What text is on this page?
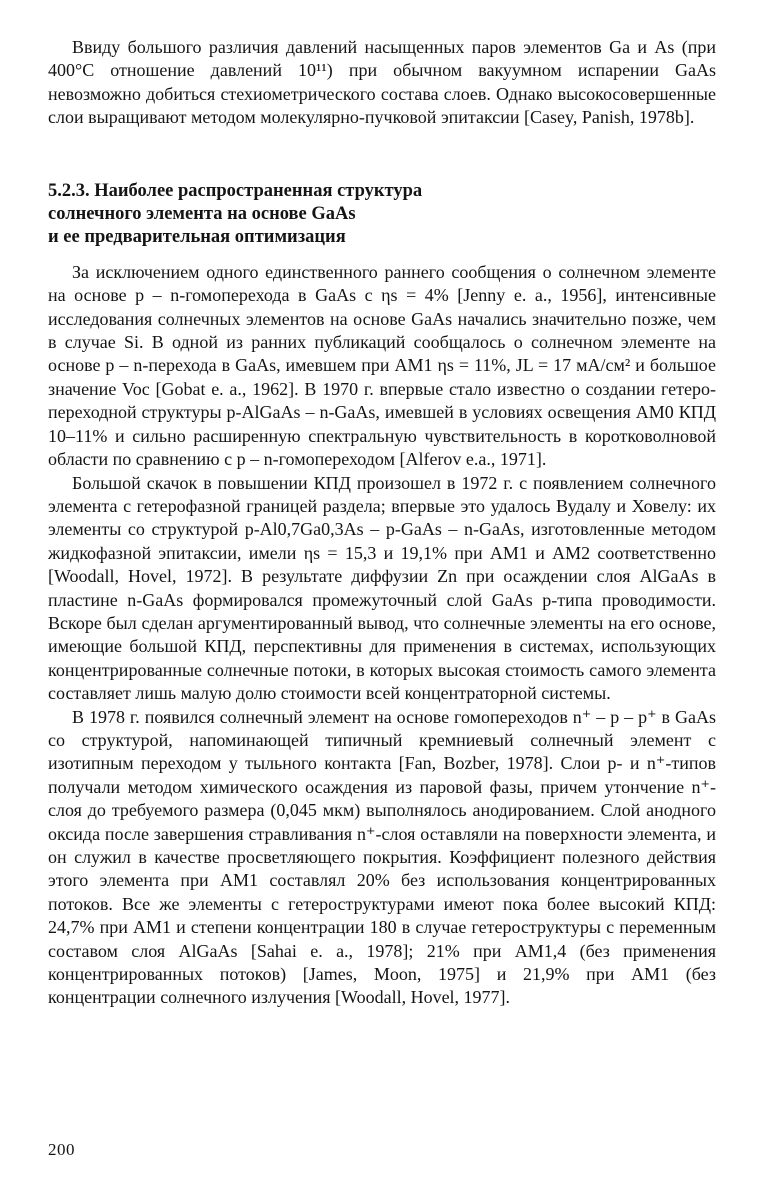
Ввиду большого различия давлений насыщенных паров элементов Ga и As (при 400°C отношение давлений 10¹¹) при обычном вакуумном испарении GaAs невозможно добиться стехиометрического состава слоев. Однако высокосовершенные слои выращивают методом молекулярно-пучковой эпитаксии [Casey, Panish, 1978b].

5.2.3. Наиболее распространенная структура
солнечного элемента на основе GaAs
и ее предварительная оптимизация

За исключением одного единственного раннего сообщения о солнечном элементе на основе p – n-гомоперехода в GaAs с ηs = 4% [Jenny e. a., 1956], интенсивные исследования солнечных элементов на основе GaAs начались значительно позже, чем в случае Si. В одной из ранних публикаций сообщалось о солнечном элементе на основе p – n-перехода в GaAs, имевшем при AM1 ηs = 11%, JL = 17 мА/см² и большое значение Voc [Gobat e. a., 1962]. В 1970 г. впервые стало известно о создании гетеропереходной структуры p-AlGaAs – n-GaAs, имевшей в условиях освещения AM0 КПД 10–11% и сильно расширенную спектральную чувствительность в коротковолновой области по сравнению с p – n-гомопереходом [Alferov e.a., 1971].

Большой скачок в повышении КПД произошел в 1972 г. с появлением солнечного элемента с гетерофазной границей раздела; впервые это удалось Вудалу и Ховелу: их элементы со структурой p-Al0,7Ga0,3As – p-GaAs – n-GaAs, изготовленные методом жидкофазной эпитаксии, имели ηs = 15,3 и 19,1% при AM1 и AM2 соответственно [Woodall, Hovel, 1972]. В результате диффузии Zn при осаждении слоя AlGaAs в пластине n-GaAs формировался промежуточный слой GaAs p-типа проводимости. Вскоре был сделан аргументированный вывод, что солнечные элементы на его основе, имеющие большой КПД, перспективны для применения в системах, использующих концентрированные солнечные потоки, в которых высокая стоимость самого элемента составляет лишь малую долю стоимости всей концентраторной системы.

В 1978 г. появился солнечный элемент на основе гомопереходов n⁺ – p – p⁺ в GaAs со структурой, напоминающей типичный кремниевый солнечный элемент с изотипным переходом у тыльного контакта [Fan, Bozber, 1978]. Слои p- и n⁺-типов получали методом химического осаждения из паровой фазы, причем утончение n⁺-слоя до требуемого размера (0,045 мкм) выполнялось анодированием. Слой анодного оксида после завершения стравливания n⁺-слоя оставляли на поверхности элемента, и он служил в качестве просветляющего покрытия. Коэффициент полезного действия этого элемента при AM1 составлял 20% без использования концентрированных потоков. Все же элементы с гетероструктурами имеют пока более высокий КПД: 24,7% при AM1 и степени концентрации 180 в случае гетероструктуры с переменным составом слоя AlGaAs [Sahai e. a., 1978]; 21% при AM1,4 (без применения концентрированных потоков) [James, Moon, 1975] и 21,9% при AM1 (без концентрации солнечного излучения [Woodall, Hovel, 1977].

200
